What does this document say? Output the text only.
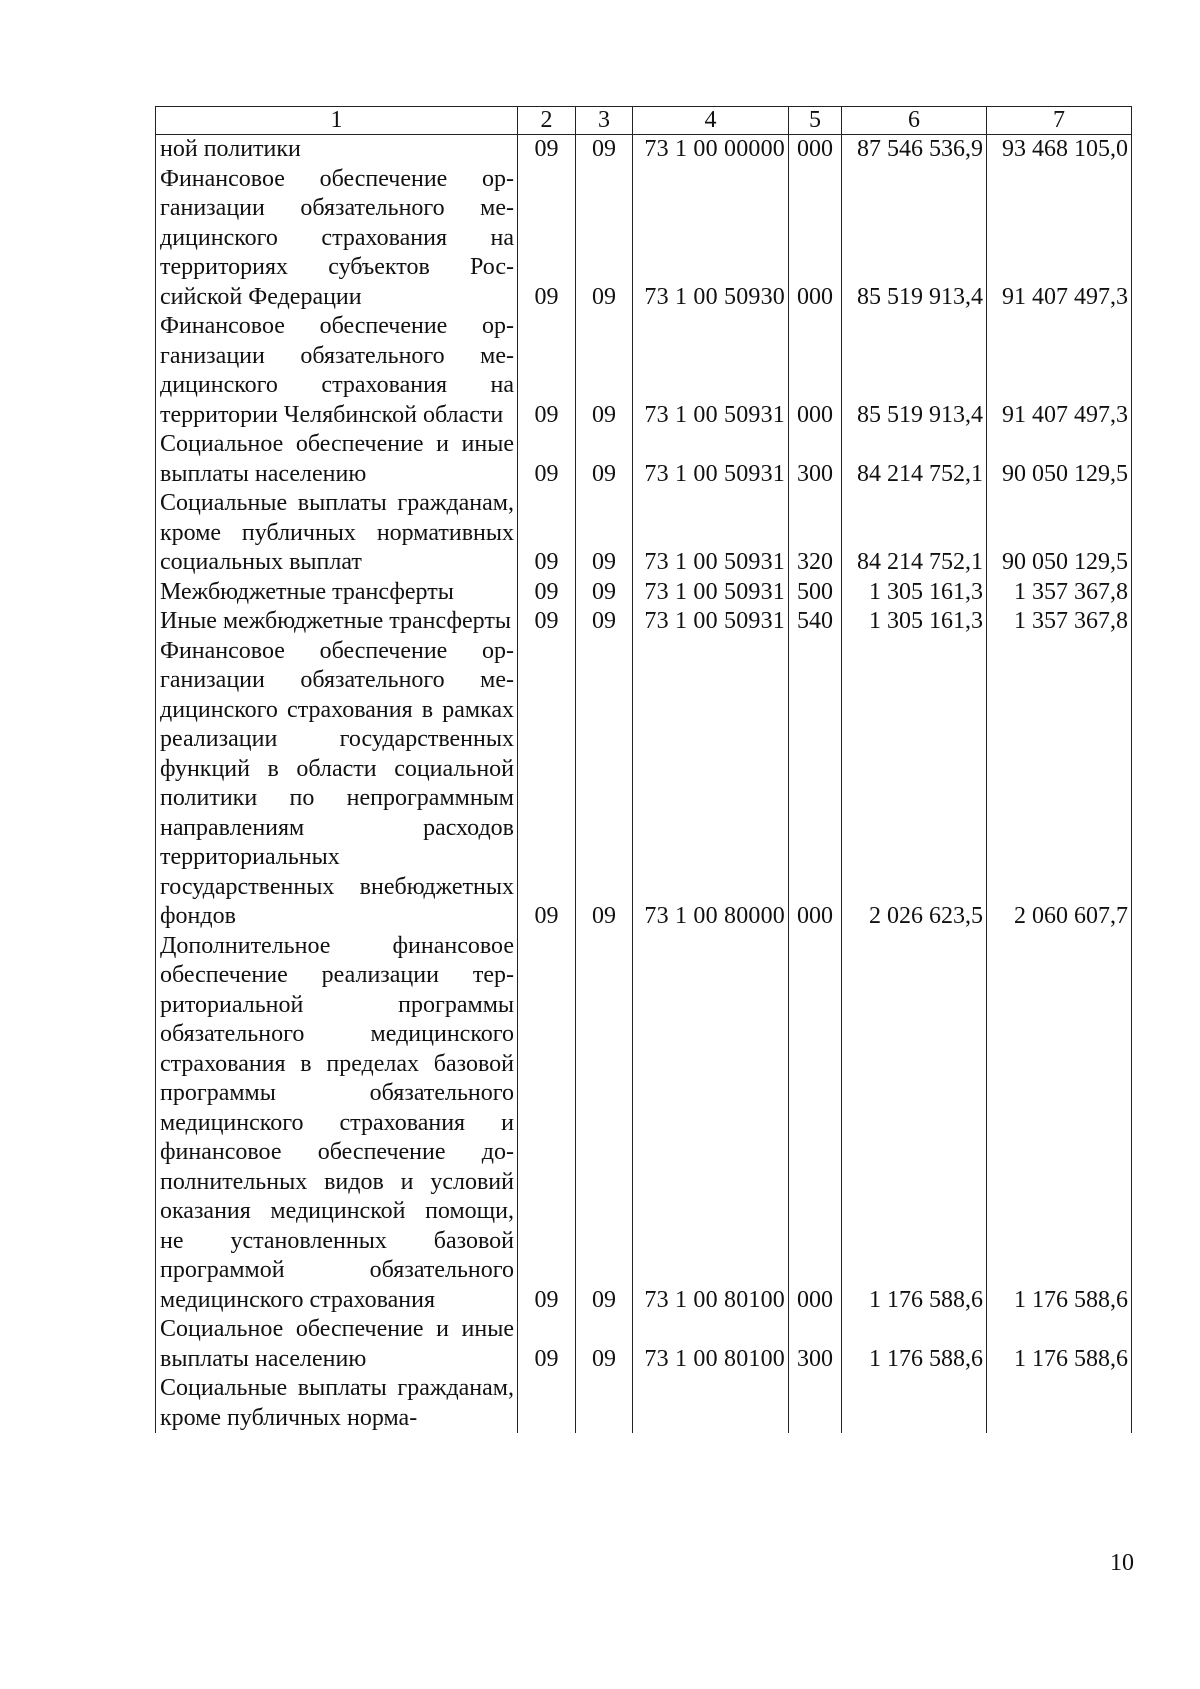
1	2	3	4	5	6	7
ной политики	09	09	73 1 00 00000	000	87 546 536,9	93 468 105,0
Финансовое обеспечение организации обязательного медицинского страхования на территориях субъектов Российской Федерации	09	09	73 1 00 50930	000	85 519 913,4	91 407 497,3
Финансовое обеспечение организации обязательного медицинского страхования на территории Челябинской области	09	09	73 1 00 50931	000	85 519 913,4	91 407 497,3
Социальное обеспечение и иные выплаты населению	09	09	73 1 00 50931	300	84 214 752,1	90 050 129,5
Социальные выплаты гражданам, кроме публичных нормативных социальных выплат	09	09	73 1 00 50931	320	84 214 752,1	90 050 129,5
Межбюджетные трансферты	09	09	73 1 00 50931	500	1 305 161,3	1 357 367,8
Иные межбюджетные трансферты	09	09	73 1 00 50931	540	1 305 161,3	1 357 367,8
Финансовое обеспечение организации обязательного медицинского страхования в рамках реализации государственных функций в области социальной политики по непрограммным направлениям расходов территориальных государственных внебюджетных фондов	09	09	73 1 00 80000	000	2 026 623,5	2 060 607,7
Дополнительное финансовое обеспечение реализации территориальной программы обязательного медицинского страхования в пределах базовой программы обязательного медицинского страхования и финансовое обеспечение дополнительных видов и условий оказания медицинской помощи, не установленных базовой программой обязательного медицинского страхования	09	09	73 1 00 80100	000	1 176 588,6	1 176 588,6
Социальное обеспечение и иные выплаты населению	09	09	73 1 00 80100	300	1 176 588,6	1 176 588,6
Социальные выплаты гражданам, кроме публичных норма-						
10
